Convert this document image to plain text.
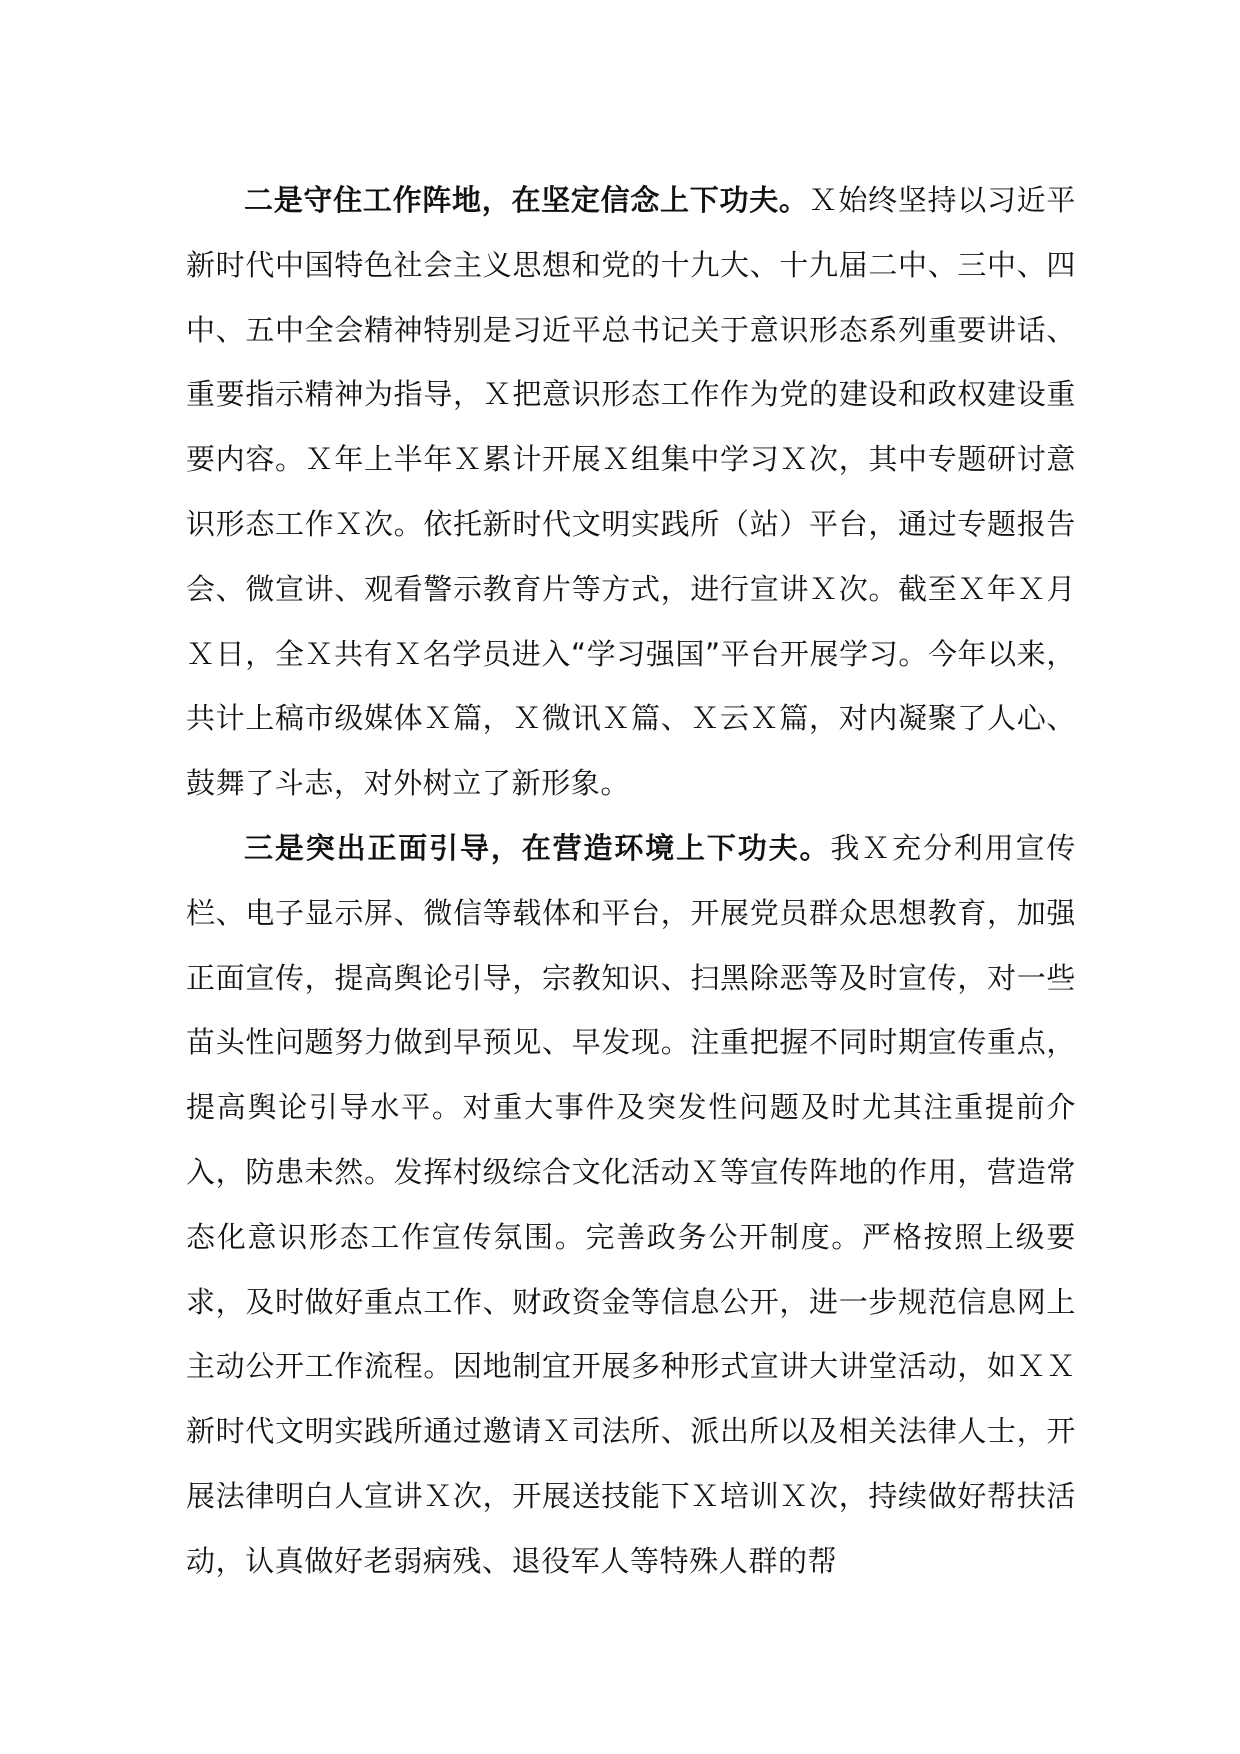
二是守住工作阵地，在坚定信念上下功夫。Ｘ始终坚持以习近平新时代中国特色社会主义思想和党的十九大、十九届二中、三中、四中、五中全会精神特别是习近平总书记关于意识形态系列重要讲话、重要指示精神为指导，Ｘ把意识形态工作作为党的建设和政权建设重要内容。Ｘ年上半年Ｘ累计开展Ｘ组集中学习Ｘ次，其中专题研讨意识形态工作Ｘ次。依托新时代文明实践所（站）平台，通过专题报告会、微宣讲、观看警示教育片等方式，进行宣讲Ｘ次。截至Ｘ年Ｘ月Ｘ日，全Ｘ共有Ｘ名学员进入“学习强国”平台开展学习。今年以来，共计上稿市级媒体Ｘ篇，Ｘ微讯Ｘ篇、Ｘ云Ｘ篇，对内凝聚了人心、鼓舞了斗志，对外树立了新形象。

三是突出正面引导，在营造环境上下功夫。我Ｘ充分利用宣传栏、电子显示屏、微信等载体和平台，开展党员群众思想教育，加强正面宣传，提高舆论引导，宗教知识、扫黑除恶等及时宣传，对一些苗头性问题努力做到早预见、早发现。注重把握不同时期宣传重点，提高舆论引导水平。对重大事件及突发性问题及时尤其注重提前介入，防患未然。发挥村级综合文化活动Ｘ等宣传阵地的作用，营造常态化意识形态工作宣传氛围。完善政务公开制度。严格按照上级要求，及时做好重点工作、财政资金等信息公开，进一步规范信息网上主动公开工作流程。因地制宜开展多种形式宣讲大讲堂活动，如ＸＸ新时代文明实践所通过邀请Ｘ司法所、派出所以及相关法律人士，开展法律明白人宣讲Ｘ次，开展送技能下Ｘ培训Ｘ次，持续做好帮扶活动，认真做好老弱病残、退役军人等特殊人群的帮
